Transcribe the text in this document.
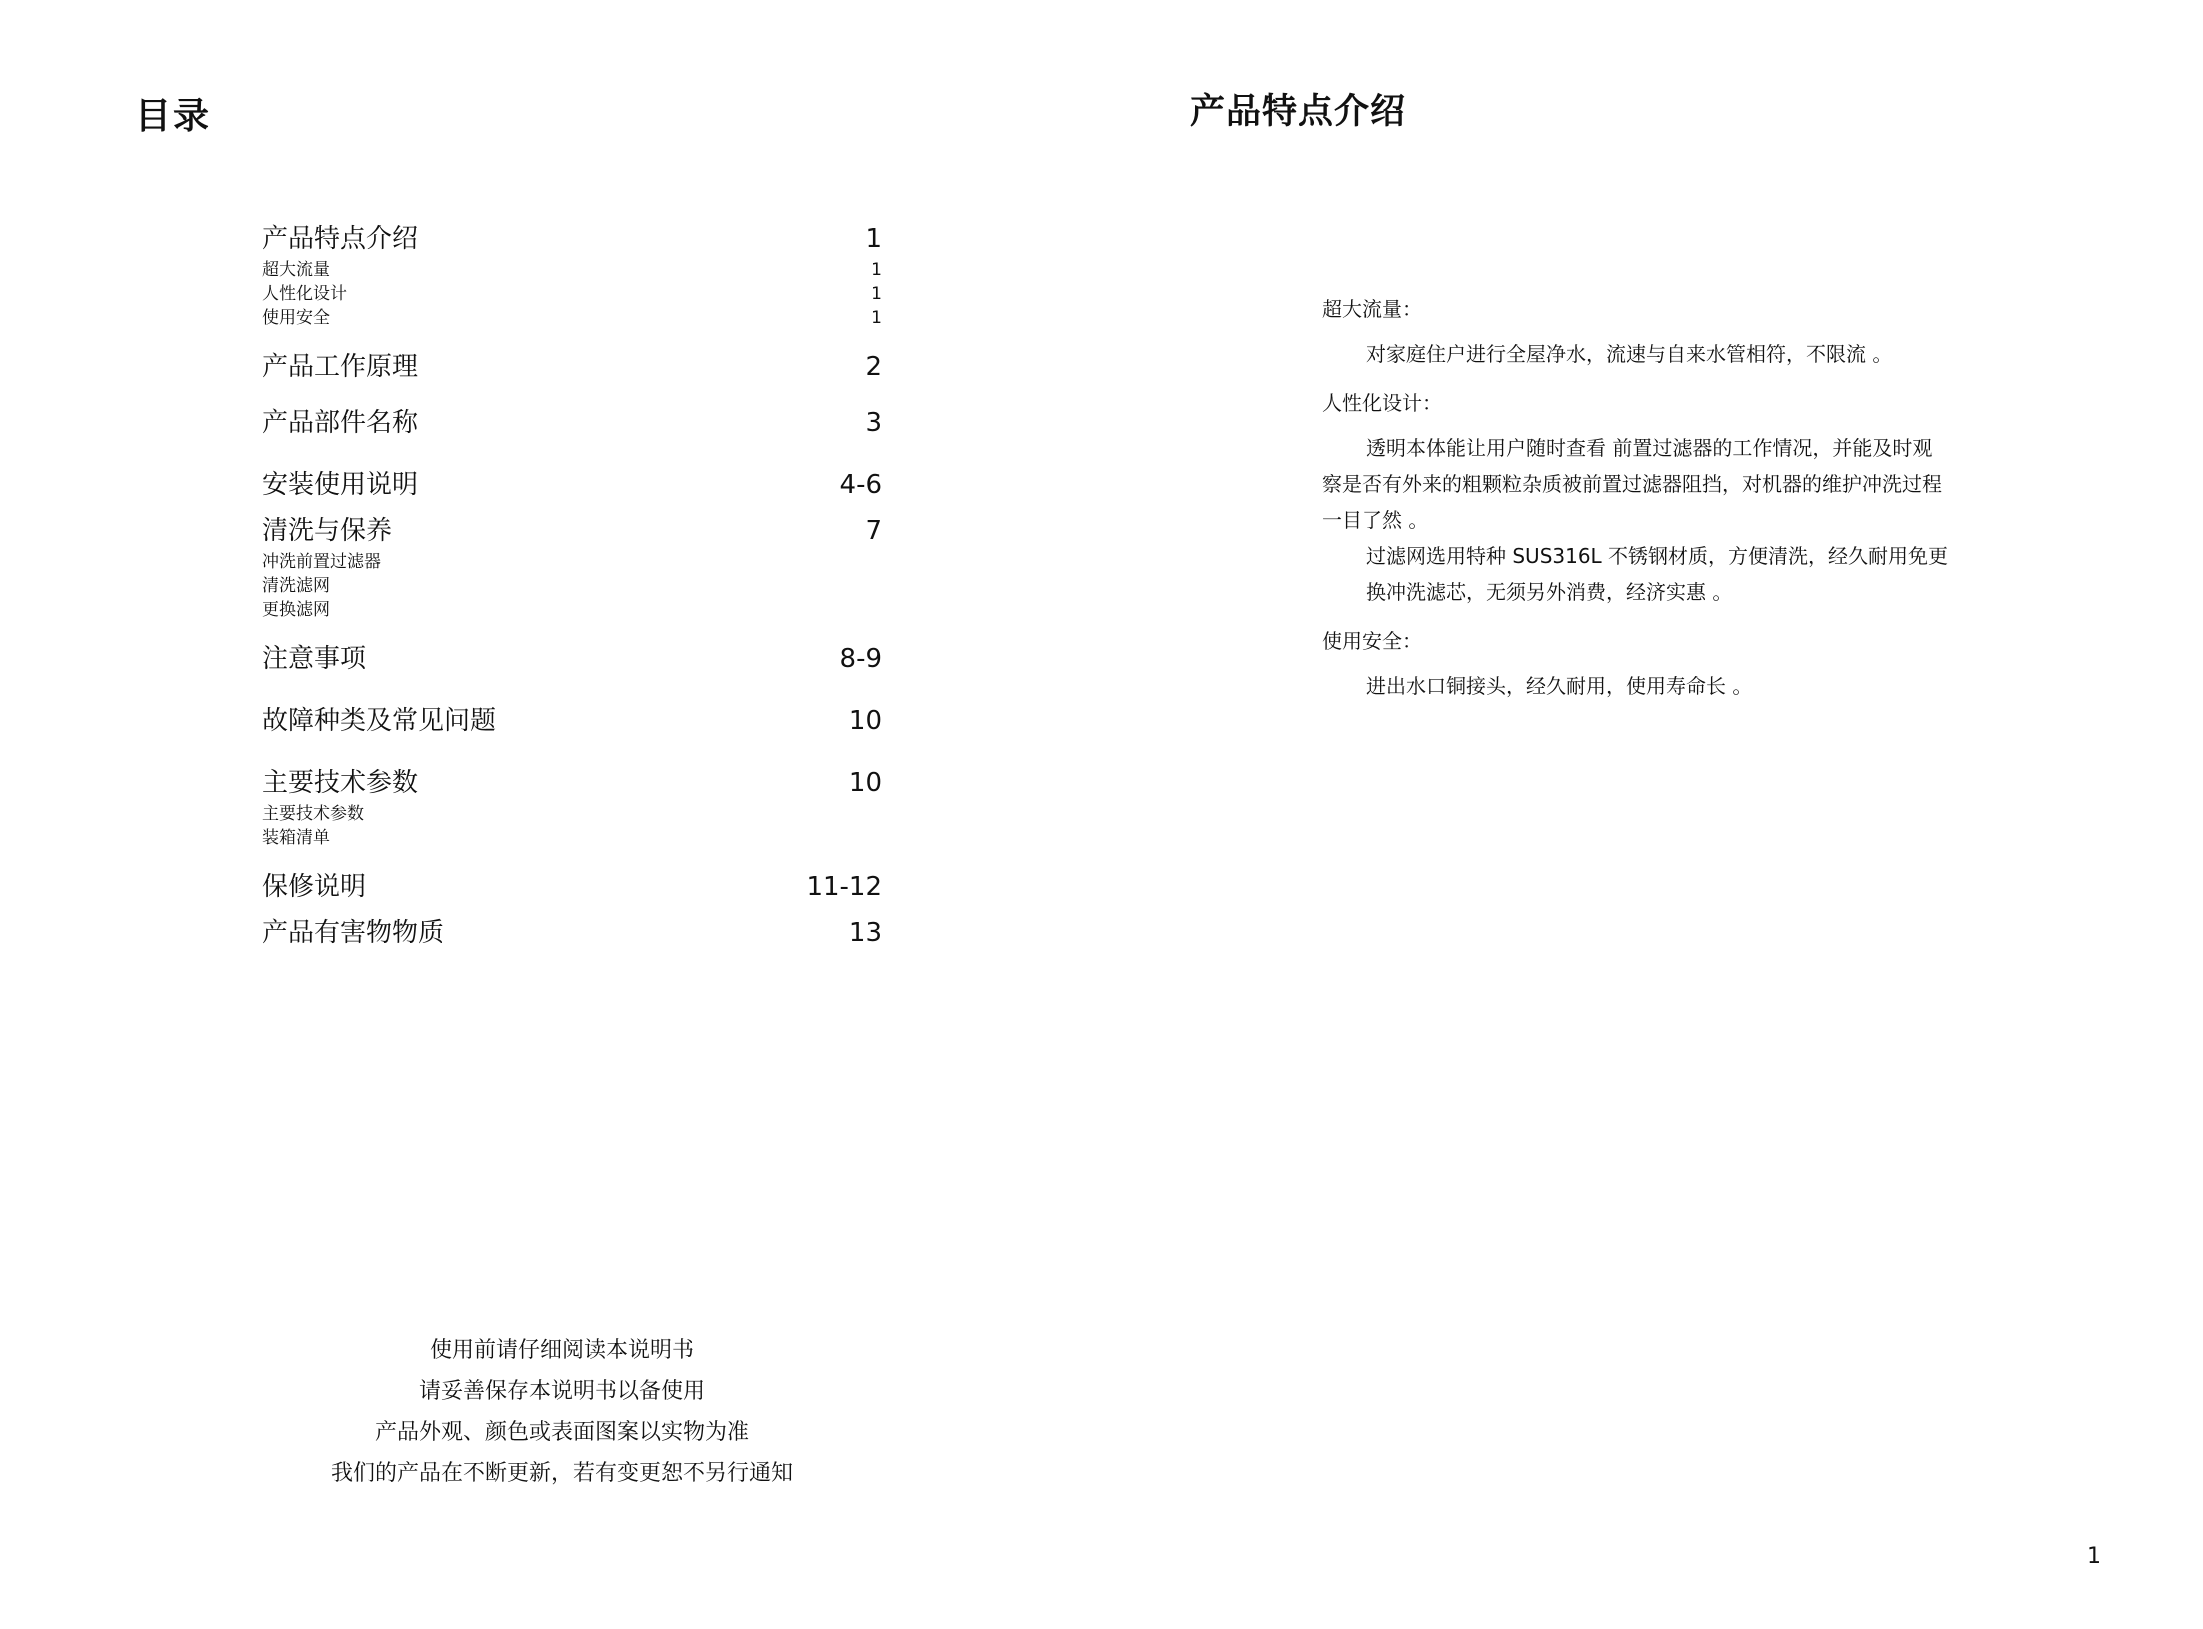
目录
产品特点介绍	1
超大流量	1
人性化设计	1
使用安全	1
产品工作原理	2
产品部件名称	3
安装使用说明	4-6
清洗与保养	7
冲洗前置过滤器
清洗滤网
更换滤网
注意事项	8-9
故障种类及常见问题	10
主要技术参数	10
主要技术参数
装箱清单
保修说明	11-12
产品有害物物质	13
使用前请仔细阅读本说明书
请妥善保存本说明书以备使用
产品外观、颜色或表面图案以实物为准
我们的产品在不断更新，若有变更恕不另行通知
产品特点介绍
超大流量：

对家庭住户进行全屋净水，流速与自来水管相符，不限流 。

人性化设计：

透明本体能让用户随时查看 前置过滤器的工作情况，并能及时观察是否有外来的粗颗粒杂质被前置过滤器阻挡，对机器的维护冲洗过程一目了然 。

过滤网选用特种 SUS316L 不锈钢材质，方便清洗，经久耐用免更换冲洗滤芯，无须另外消费，经济实惠 。

使用安全：

进出水口铜接头，经久耐用，使用寿命长 。

1
